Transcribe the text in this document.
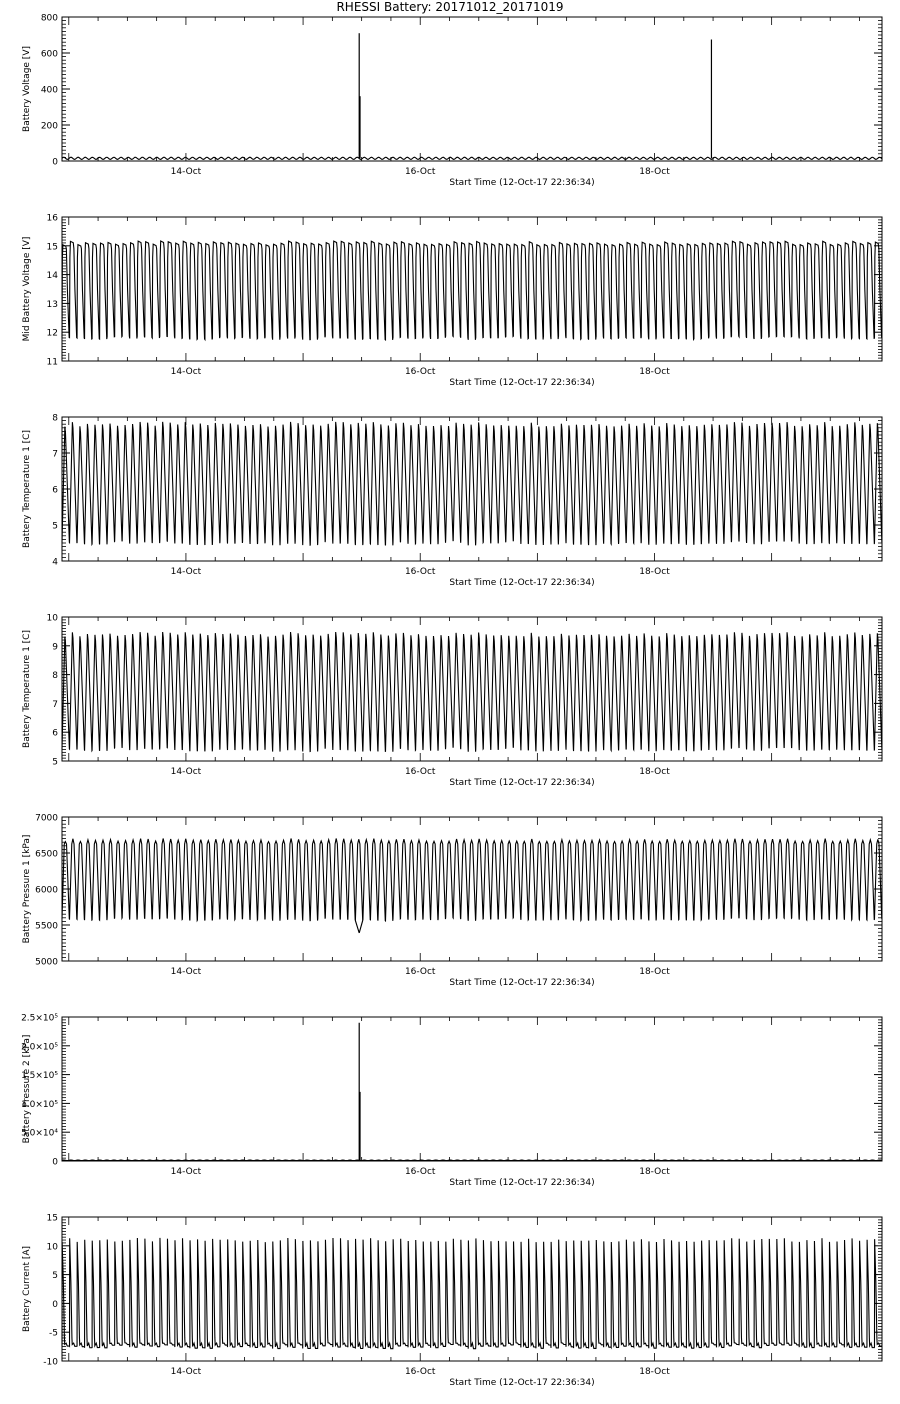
RHESSI Battery: 20171012_20171019
0
200
400
600
800
14-Oct	16-Oct	18-Oct
Start Time (12-Oct-17 22:36:34)
Battery Voltage [V]
11
12
13
14
15
16
14-Oct	16-Oct	18-Oct
Start Time (12-Oct-17 22:36:34)
Mid Battery Voltage [V]
4
5
6
7
8
14-Oct	16-Oct	18-Oct
Start Time (12-Oct-17 22:36:34)
Battery Temperature 1 [C]
5
6
7
8
9
10
14-Oct	16-Oct	18-Oct
Start Time (12-Oct-17 22:36:34)
Battery Temperature 1 [C]
5000
5500
6000
6500
7000
14-Oct	16-Oct	18-Oct
Start Time (12-Oct-17 22:36:34)
Battery Pressure 1 [kPa]
0
5.0×10⁴
1.0×10⁵
1.5×10⁵
2.0×10⁵
2.5×10⁵
14-Oct	16-Oct	18-Oct
Start Time (12-Oct-17 22:36:34)
Battery Pressure 2 [kPa]
-10
-5
0
5
10
15
14-Oct	16-Oct	18-Oct
Start Time (12-Oct-17 22:36:34)
Battery Current [A]
